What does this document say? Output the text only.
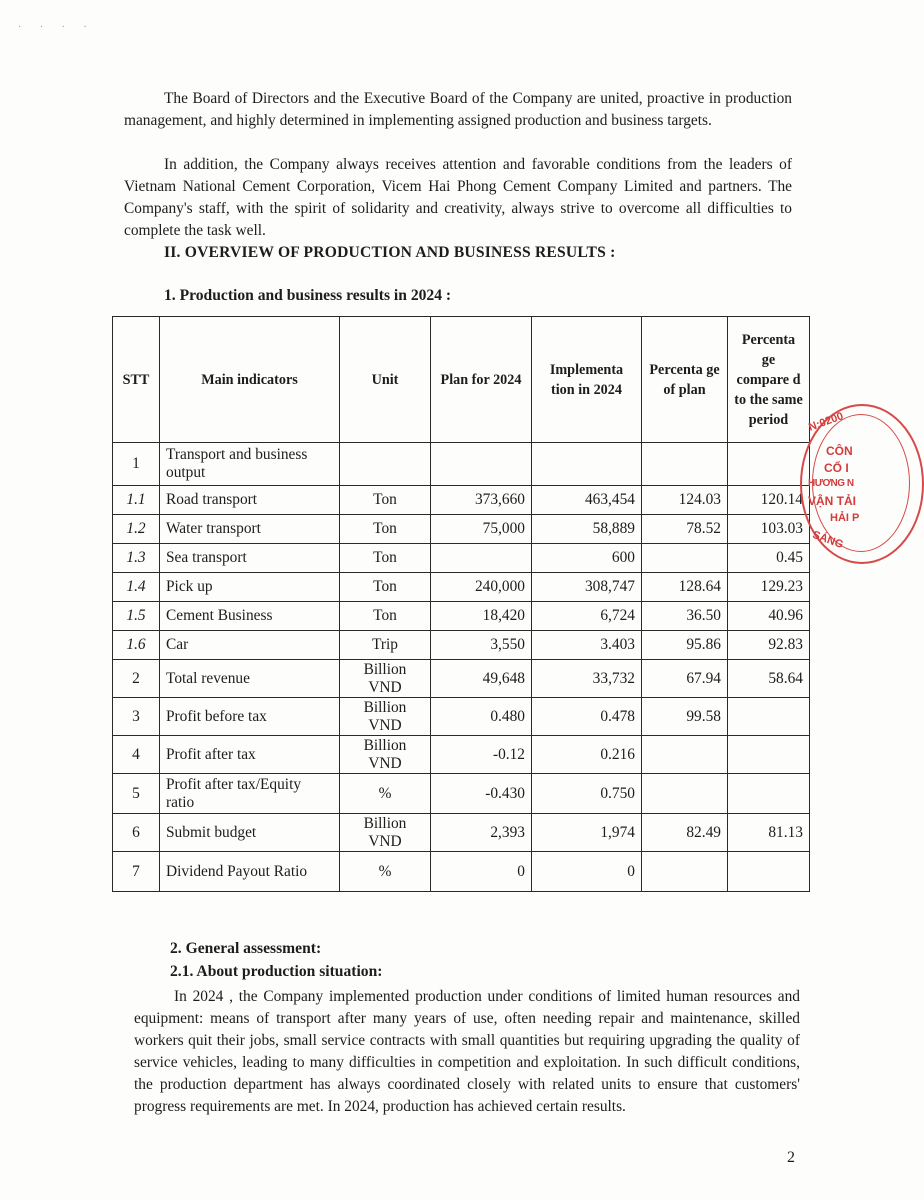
· · · ·

The Board of Directors and the Executive Board of the Company are united, proactive in production management, and highly determined in implementing assigned production and business targets.

In addition, the Company always receives attention and favorable conditions from the leaders of Vietnam National Cement Corporation, Vicem Hai Phong Cement Company Limited and partners. The Company's staff, with the spirit of solidarity and creativity, always strive to overcome all difficulties to complete the task well.

II. OVERVIEW OF PRODUCTION AND BUSINESS RESULTS :
1. Production and business results in 2024 :
STT	Main indicators	Unit	Plan for 2024	Implementa tion in 2024	Percenta ge of plan	Percenta ge compare d to the same period
1	Transport and business output					
1.1	Road transport	Ton	373,660	463,454	124.03	120.14
1.2	Water transport	Ton	75,000	58,889	78.52	103.03
1.3	Sea transport	Ton		600		0.45
1.4	Pick up	Ton	240,000	308,747	128.64	129.23
1.5	Cement Business	Ton	18,420	6,724	36.50	40.96
1.6	Car	Trip	3,550	3.403	95.86	92.83
2	Total revenue	Billion VND	49,648	33,732	67.94	58.64
3	Profit before tax	Billion VND	0.480	0.478	99.58	
4	Profit after tax	Billion VND	-0.12	0.216		
5	Profit after tax/Equity ratio	%	-0.430	0.750		
6	Submit budget	Billion VND	2,393	1,974	82.49	81.13
7	Dividend Payout Ratio	%	0	0		
N:0200
CÔN
CỔ I
HƯƠNG N
VẬN TẢI
HẢI P
SÁNG
2. General assessment:
2.1. About production situation:

In 2024 , the Company implemented production under conditions of limited human resources and equipment: means of transport after many years of use, often needing repair and maintenance, skilled workers quit their jobs, small service contracts with small quantities but requiring upgrading the quality of service vehicles, leading to many difficulties in competition and exploitation. In such difficult conditions, the production department has always coordinated closely with related units to ensure that customers' progress requirements are met. In 2024, production has achieved certain results.

2
